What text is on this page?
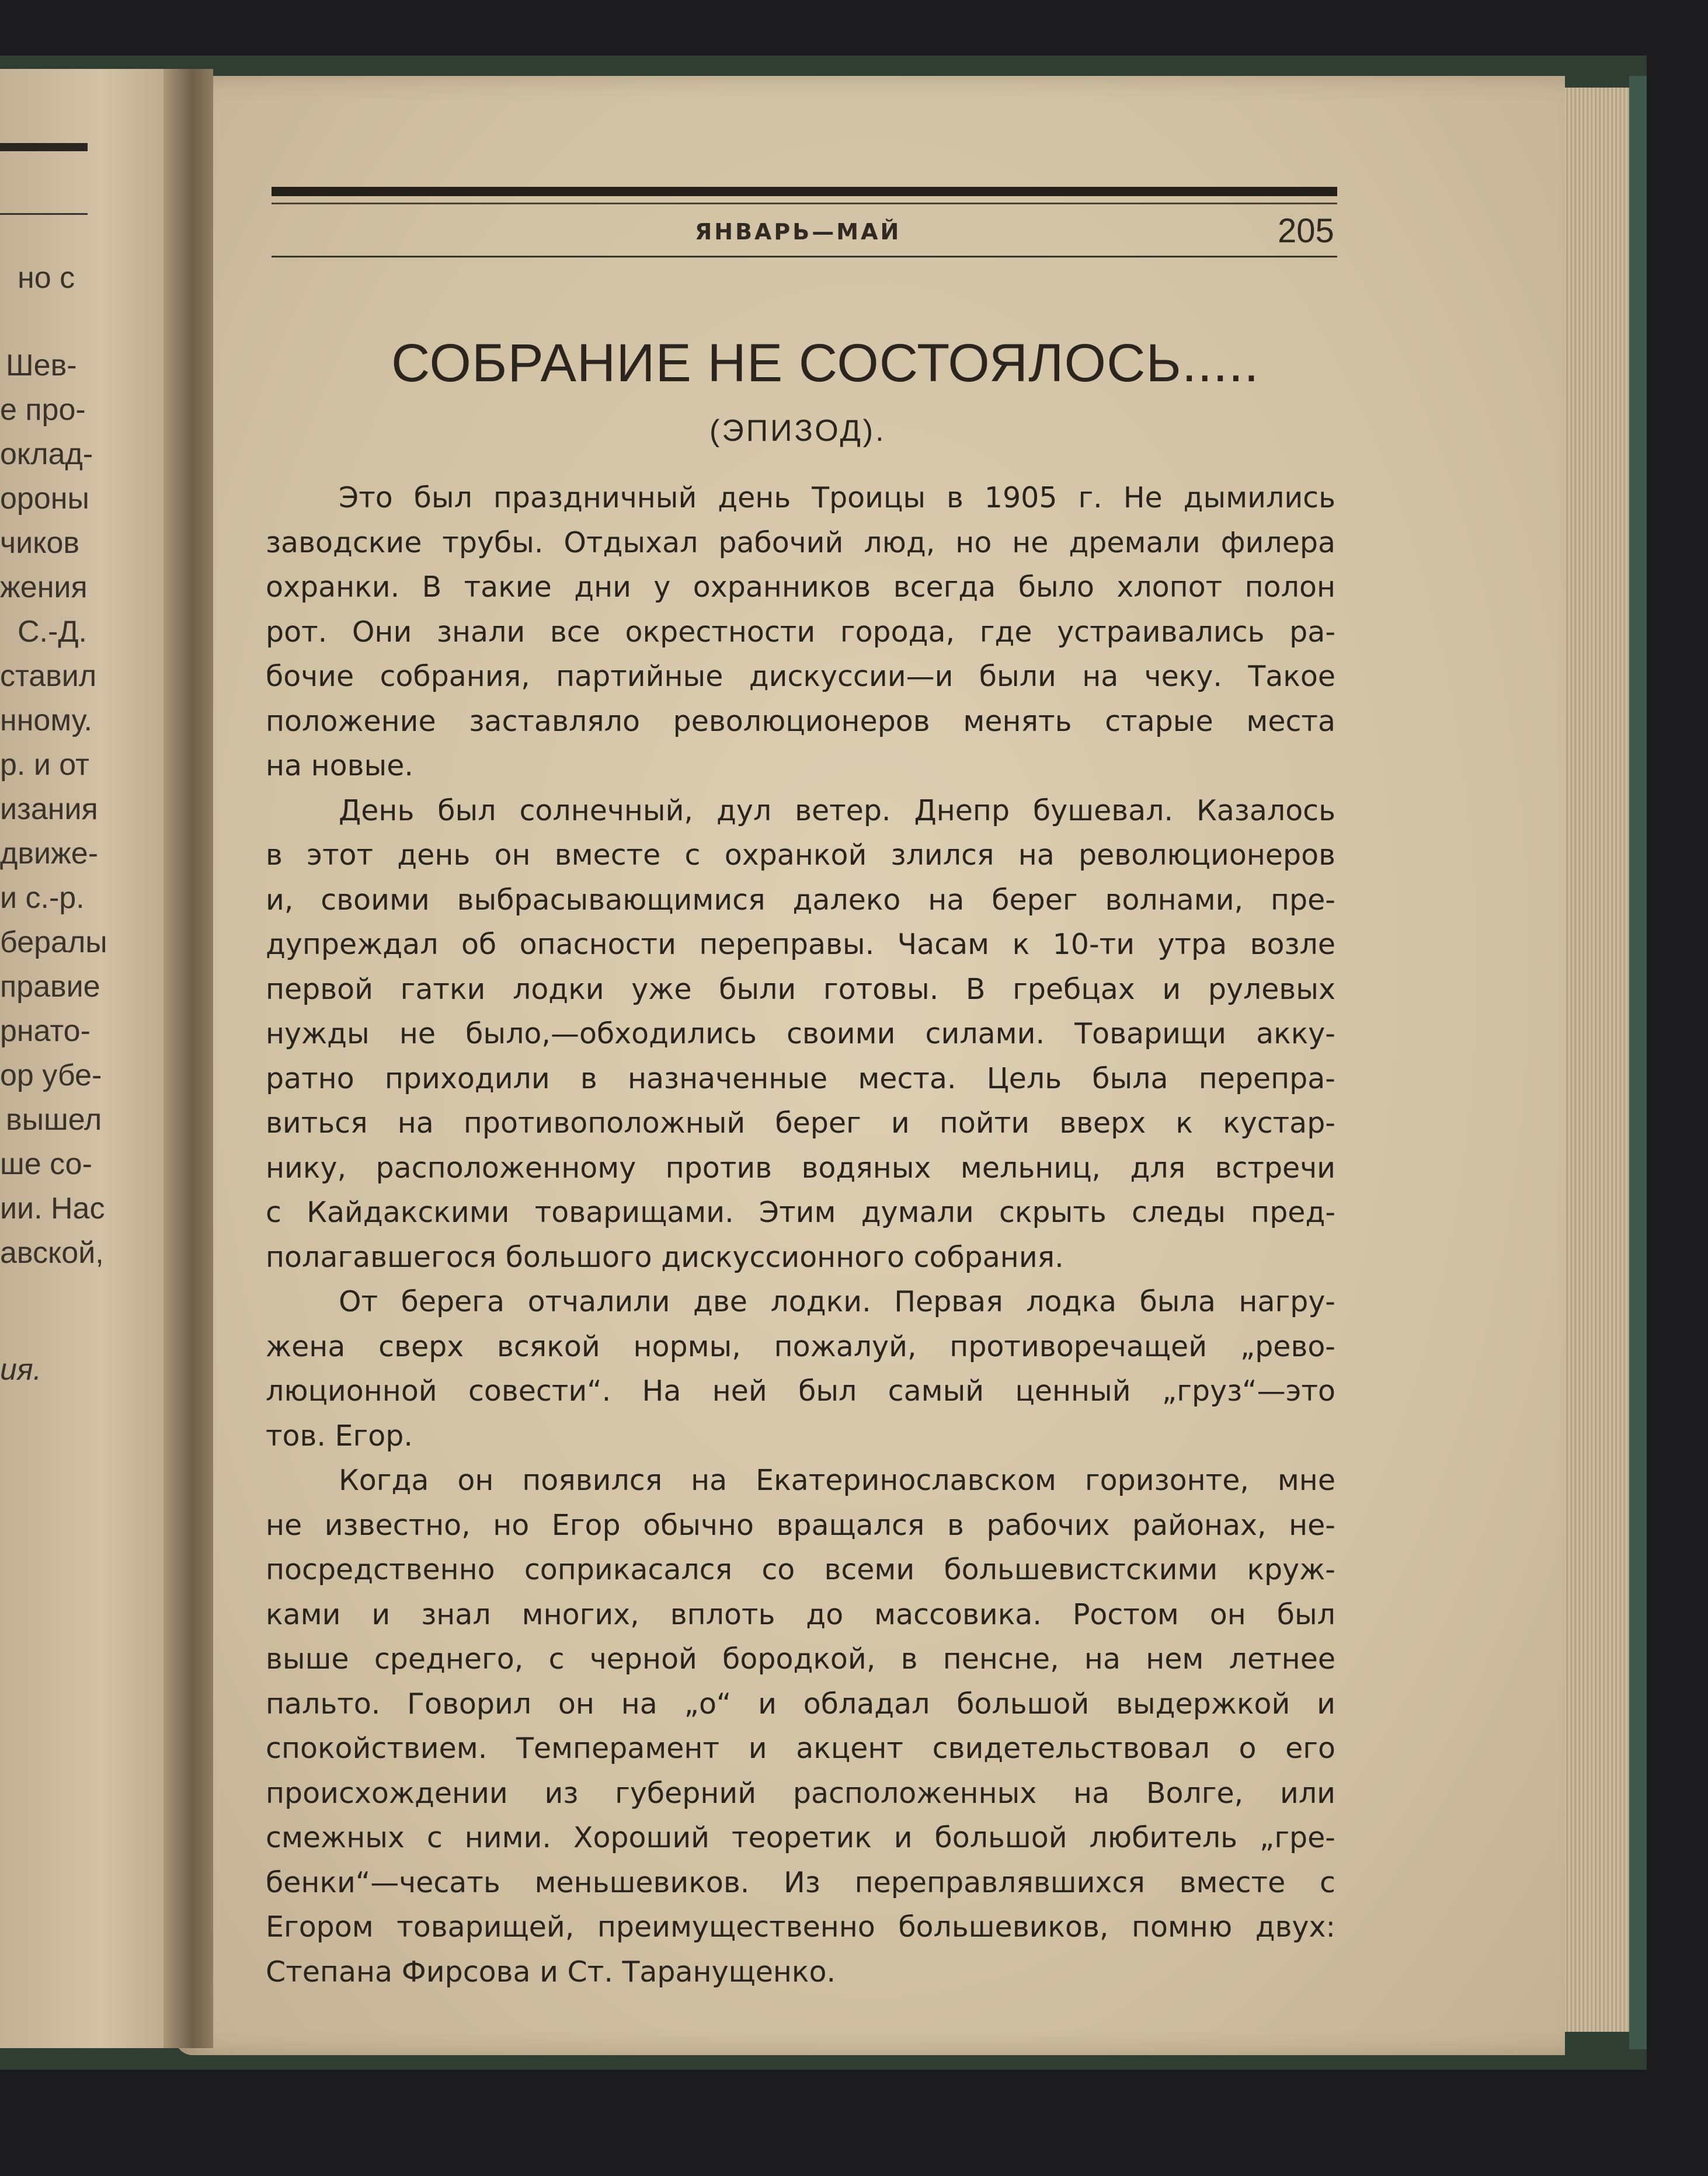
но с
Шев-
е про-
оклад-
ороны
чиков
жения
С.-Д.
ставил
нному.
р. и от
изания
движе-
и с.-р.
бералы
правие
рнато-
ор убе-
вышел
ше со-
ии. Нас
авской,
ия.
ЯНВАРЬ—МАЙ	205
СОБРАНИЕ НЕ СОСТОЯЛОСЬ.....
(ЭПИЗОД).
Это был праздничный день Троицы в 1905 г. Не дымились
заводские трубы. Отдыхал рабочий люд, но не дремали филера
охранки. В такие дни у охранников всегда было хлопот полон
рот. Они знали все окрестности города, где устраивались ра-
бочие собрания, партийные дискуссии—и были на чеку. Такое
положение заставляло революционеров менять старые места
на новые.
День был солнечный, дул ветер. Днепр бушевал. Казалось
в этот день он вместе с охранкой злился на революционеров
и, своими выбрасывающимися далеко на берег волнами, пре-
дупреждал об опасности переправы. Часам к 10-ти утра возле
первой гатки лодки уже были готовы. В гребцах и рулевых
нужды не было,—обходились своими силами. Товарищи акку-
ратно приходили в назначенные места. Цель была перепра-
виться на противоположный берег и пойти вверх к кустар-
нику, расположенному против водяных мельниц, для встречи
с Кайдакскими товарищами. Этим думали скрыть следы пред-
полагавшегося большого дискуссионного собрания.
От берега отчалили две лодки. Первая лодка была нагру-
жена сверх всякой нормы, пожалуй, противоречащей „рево-
люционной совести“. На ней был самый ценный „груз“—это
тов. Егор.
Когда он появился на Екатеринославском горизонте, мне
не известно, но Егор обычно вращался в рабочих районах, не-
посредственно соприкасался со всеми большевистскими круж-
ками и знал многих, вплоть до массовика. Ростом он был
выше среднего, с черной бородкой, в пенсне, на нем летнее
пальто. Говорил он на „о“ и обладал большой выдержкой и
спокойствием. Темперамент и акцент свидетельствовал о его
происхождении из губерний расположенных на Волге, или
смежных с ними. Хороший теоретик и большой любитель „гре-
бенки“—чесать меньшевиков. Из переправлявшихся вместе с
Егором товарищей, преимущественно большевиков, помню двух:
Степана Фирсова и Ст. Таранущенко.
